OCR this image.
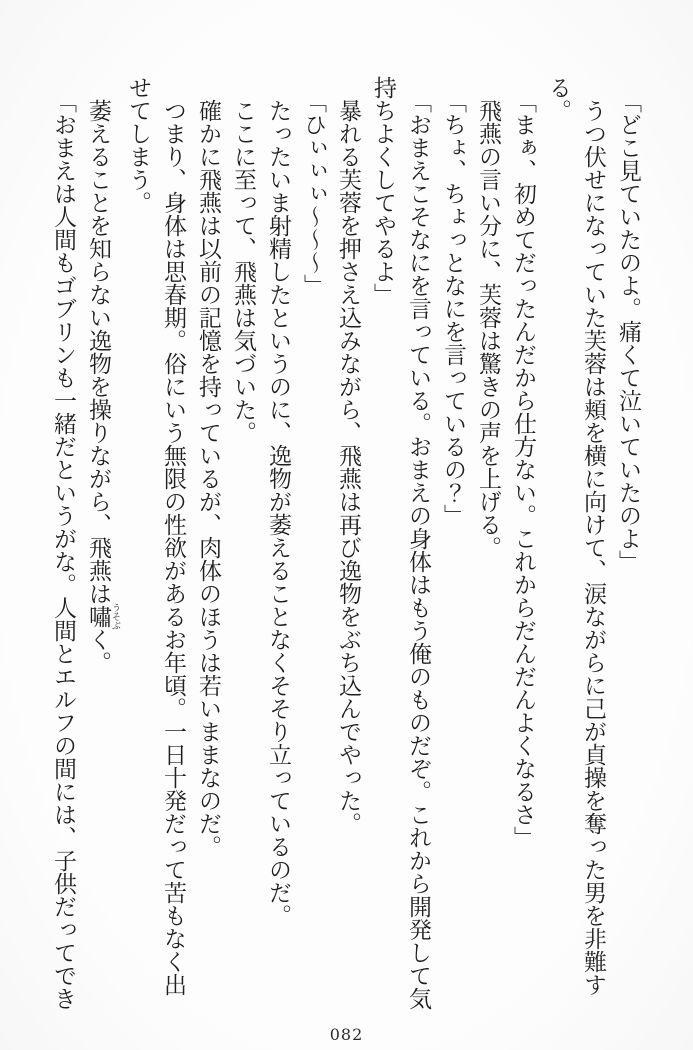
「どこ見ていたのよ。痛くて泣いていたのよ」

うつ伏せになっていた芙蓉は頬を横に向けて、涙ながらに己が貞操を奪った男を非難す

る。

「まぁ、初めてだったんだから仕方ない。これからだんだんよくなるさ」

飛燕の言い分に、芙蓉は驚きの声を上げる。

「ちょ、ちょっとなにを言っているの？」

「おまえこそなにを言っている。おまえの身体はもう俺のものだぞ。これから開発して気

持ちよくしてやるよ」

暴れる芙蓉を押さえ込みながら、飛燕は再び逸物をぶち込んでやった。

「ひぃぃぃ〜〜〜」

たったいま射精したというのに、逸物が萎えることなくそそり立っているのだ。

ここに至って、飛燕は気づいた。

確かに飛燕は以前の記憶を持っているが、肉体のほうは若いままなのだ。

つまり、身体は思春期。俗にいう無限の性欲があるお年頃。一日十発だって苦もなく出

せてしまう。

萎えることを知らない逸物を操りながら、飛燕は嘯 うそぶく。

「おまえは人間もゴブリンも一緒だというがな。人間とエルフの間には、子供だってでき

082
